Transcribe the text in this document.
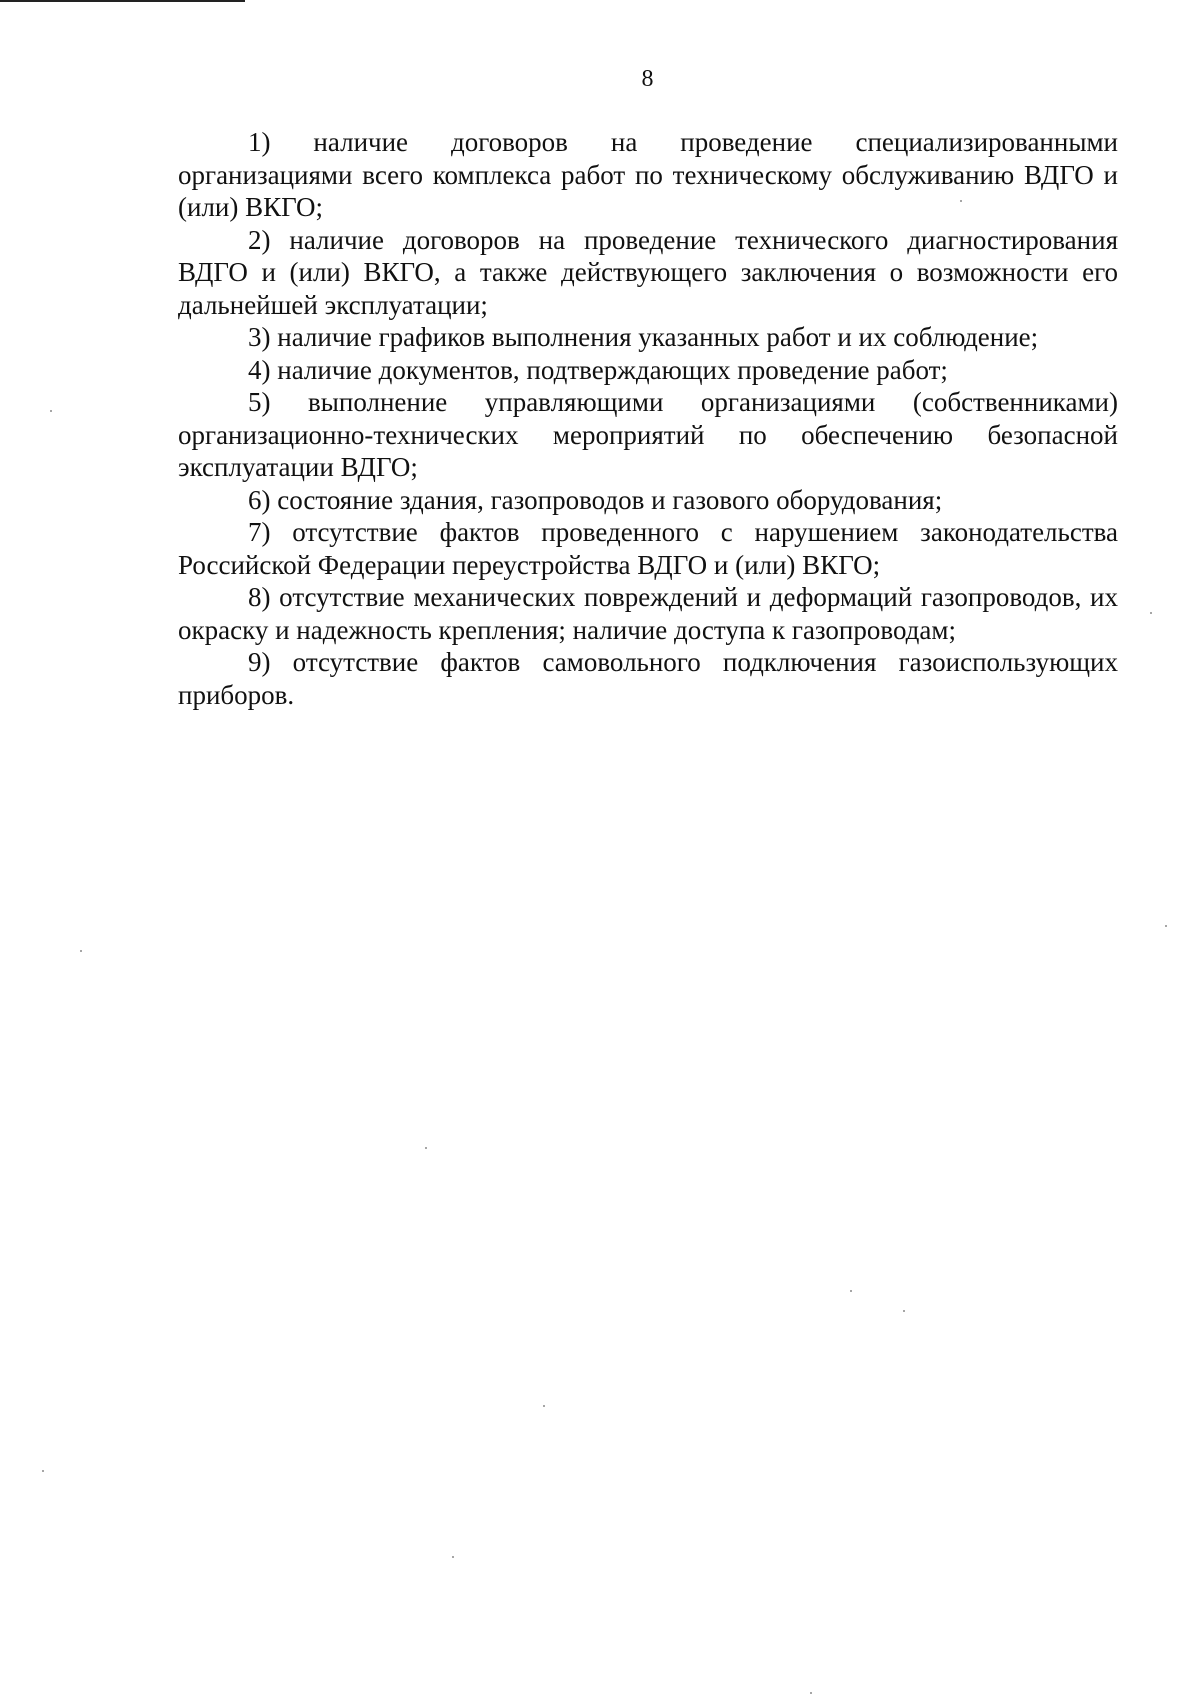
8

1) наличие договоров на проведение специализированными организациями всего комплекса работ по техническому обслуживанию ВДГО и (или) ВКГО;

2) наличие договоров на проведение технического диагностирования ВДГО и (или) ВКГО, а также действующего заключения о возможности его дальнейшей эксплуатации;

3) наличие графиков выполнения указанных работ и их соблюдение;

4) наличие документов, подтверждающих проведение работ;

5) выполнение управляющими организациями (собственниками) организационно-технических мероприятий по обеспечению безопасной эксплуатации ВДГО;

6) состояние здания, газопроводов и газового оборудования;

7) отсутствие фактов проведенного с нарушением законодательства Российской Федерации переустройства ВДГО и (или) ВКГО;

8) отсутствие механических повреждений и деформаций газопроводов, их окраску и надежность крепления; наличие доступа к газопроводам;

9) отсутствие фактов самовольного подключения газоиспользующих приборов.
